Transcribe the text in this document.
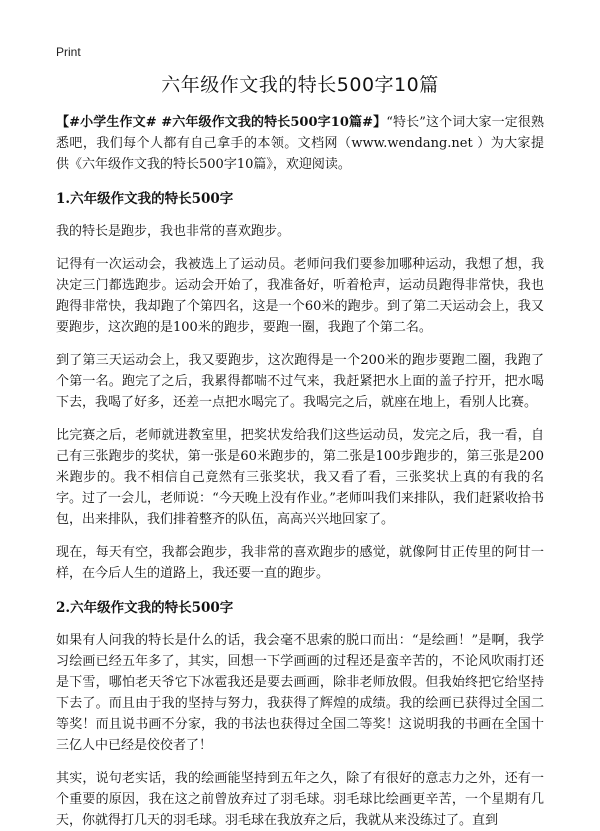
Print
六年级作文我的特长500字10篇

【#小学生作文# #六年级作文我的特长500字10篇#】“特长”这个词大家一定很熟悉吧，我们每个人都有自己拿手的本领。文档网（www.wendang.net ）为大家提供《六年级作文我的特长500字10篇》，欢迎阅读。

1.六年级作文我的特长500字

我的特长是跑步，我也非常的喜欢跑步。

记得有一次运动会，我被选上了运动员。老师问我们要参加哪种运动，我想了想，我决定三门都选跑步。运动会开始了，我准备好，听着枪声，运动员跑得非常快，我也跑得非常快，我却跑了个第四名，这是一个60米的跑步。到了第二天运动会上，我又要跑步，这次跑的是100米的跑步，要跑一圈，我跑了个第二名。

到了第三天运动会上，我又要跑步，这次跑得是一个200米的跑步要跑二圈，我跑了个第一名。跑完了之后，我累得都喘不过气来，我赶紧把水上面的盖子拧开，把水喝下去，我喝了好多，还差一点把水喝完了。我喝完之后，就座在地上，看别人比赛。

比完赛之后，老师就进教室里，把奖状发给我们这些运动员，发完之后，我一看，自己有三张跑步的奖状，第一张是60米跑步的，第二张是100步跑步的，第三张是200米跑步的。我不相信自己竟然有三张奖状，我又看了看，三张奖状上真的有我的名字。过了一会儿，老师说：“今天晚上没有作业。”老师叫我们来排队，我们赶紧收拾书包，出来排队，我们排着整齐的队伍，高高兴兴地回家了。

现在，每天有空，我都会跑步，我非常的喜欢跑步的感觉，就像阿甘正传里的阿甘一样，在今后人生的道路上，我还要一直的跑步。

2.六年级作文我的特长500字

如果有人问我的特长是什么的话，我会毫不思索的脱口而出：“是绘画！”是啊，我学习绘画已经五年多了，其实，回想一下学画画的过程还是蛮辛苦的，不论风吹雨打还是下雪，哪怕老天爷它下冰雹我还是要去画画，除非老师放假。但我始终把它给坚持下去了。而且由于我的坚持与努力，我获得了辉煌的成绩。我的绘画已获得过全国二等奖！而且说书画不分家，我的书法也获得过全国二等奖！这说明我的书画在全国十三亿人中已经是佼佼者了！

其实，说句老实话，我的绘画能坚持到五年之久，除了有很好的意志力之外，还有一个重要的原因，我在这之前曾放弃过了羽毛球。羽毛球比绘画更辛苦，一个星期有几天，你就得打几天的羽毛球。羽毛球在我放弃之后，我就从来没练过了。直到
